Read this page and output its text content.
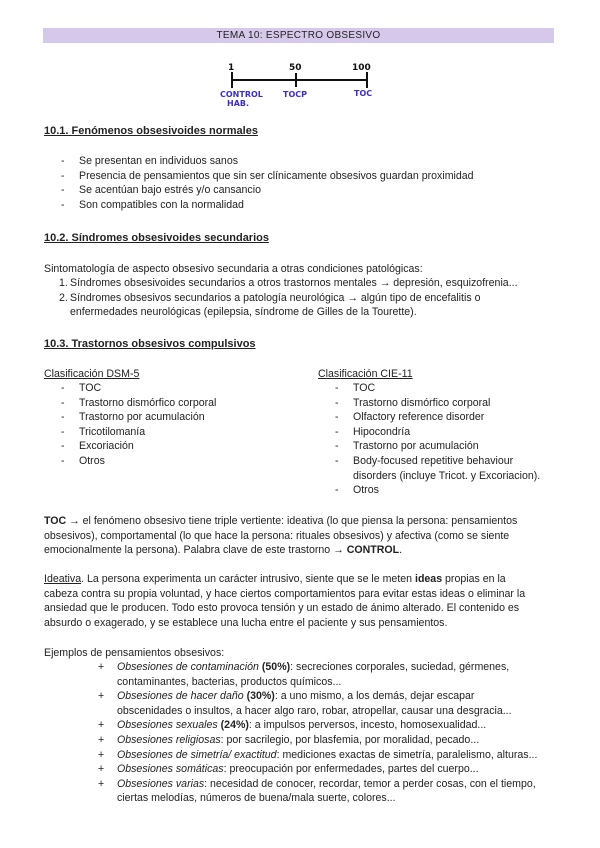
TEMA 10: ESPECTRO OBSESIVO
1	50	100
CONTROL
HAB.
TOCP	TOC
10.1. Fenómenos obsesivoides normales
- Se presentan en individuos sanos
- Presencia de pensamientos que sin ser clínicamente obsesivos guardan proximidad
- Se acentúan bajo estrés y/o cansancio
- Son compatibles con la normalidad
10.2. Síndromes obsesivoides secundarios

Sintomatología de aspecto obsesivo secundaria a otras condiciones patológicas:

1. Síndromes obsesivoides secundarios a otros trastornos mentales → depresión, esquizofrenia...
2. Síndromes obsesivos secundarios a patología neurológica → algún tipo de encefalitis o
enfermedades neurológicas (epilepsia, síndrome de Gilles de la Tourette).
10.3. Trastornos obsesivos compulsivos
Clasificación DSM-5
- TOC
- Trastorno dismórfico corporal
- Trastorno por acumulación
- Tricotilomanía
- Excoriación
- Otros
Clasificación CIE-11
- TOC
- Trastorno dismórfico corporal
- Olfactory reference disorder
- Hipocondría
- Trastorno por acumulación
- Body-focused repetitive behaviour
disorders (incluye Tricot. y Excoriacion).
- Otros

TOC → el fenómeno obsesivo tiene triple vertiente: ideativa (lo que piensa la persona: pensamientos

obsesivos), comportamental (lo que hace la persona: rituales obsesivos) y afectiva (como se siente

emocionalmente la persona). Palabra clave de este trastorno → CONTROL.

Ideativa. La persona experimenta un carácter intrusivo, siente que se le meten ideas propias en la

cabeza contra su propia voluntad, y hace ciertos comportamientos para evitar estas ideas o eliminar la

ansiedad que le producen. Todo esto provoca tensión y un estado de ánimo alterado. El contenido es

absurdo o exagerado, y se establece una lucha entre el paciente y sus pensamientos.

Ejemplos de pensamientos obsesivos:

+ Obsesiones de contaminación (50%): secreciones corporales, suciedad, gérmenes,
contaminantes, bacterias, productos químicos...
+ Obsesiones de hacer daño (30%): a uno mismo, a los demás, dejar escapar
obscenidades o insultos, a hacer algo raro, robar, atropellar, causar una desgracia...
+ Obsesiones sexuales (24%): a impulsos perversos, incesto, homosexualidad...
+ Obsesiones religiosas: por sacrilegio, por blasfemia, por moralidad, pecado...
+ Obsesiones de simetría/ exactitud: mediciones exactas de simetría, paralelismo, alturas...
+ Obsesiones somáticas: preocupación por enfermedades, partes del cuerpo...
+ Obsesiones varias: necesidad de conocer, recordar, temor a perder cosas, con el tiempo,
ciertas melodías, números de buena/mala suerte, colores...
